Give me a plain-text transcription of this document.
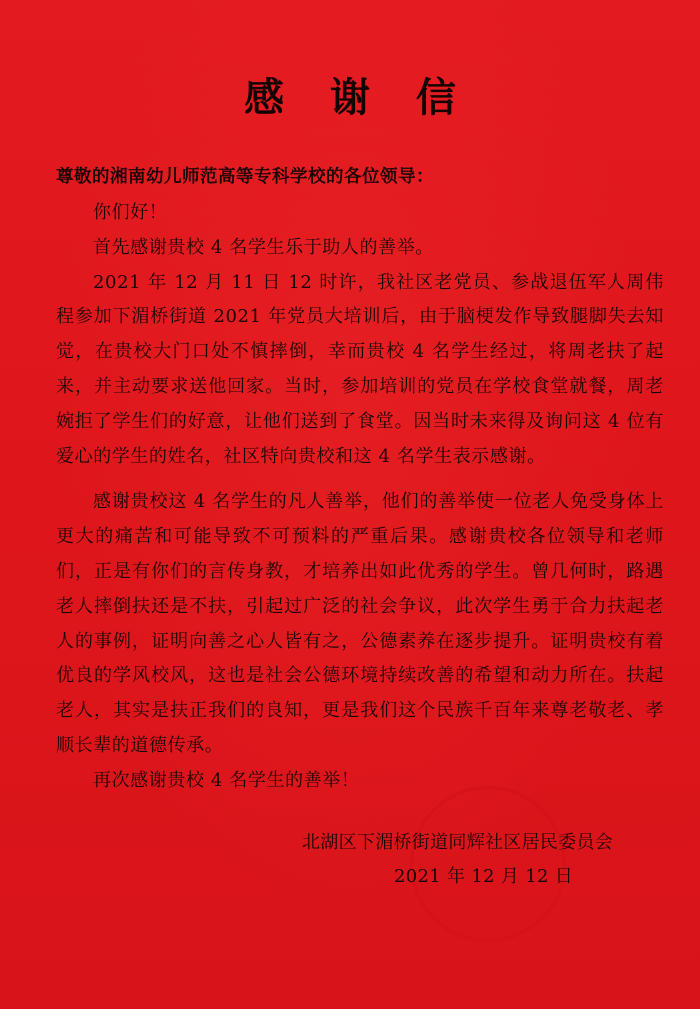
感 谢 信
尊敬的湘南幼儿师范高等专科学校的各位领导：

你们好！

首先感谢贵校 4 名学生乐于助人的善举。

2021 年 12 月 11 日 12 时许，我社区老党员、参战退伍军人周伟程参加下湄桥街道 2021 年党员大培训后，由于脑梗发作导致腿脚失去知觉，在贵校大门口处不慎摔倒，幸而贵校 4 名学生经过，将周老扶了起来，并主动要求送他回家。当时，参加培训的党员在学校食堂就餐，周老婉拒了学生们的好意，让他们送到了食堂。因当时未来得及询问这 4 位有爱心的学生的姓名，社区特向贵校和这 4 名学生表示感谢。

感谢贵校这 4 名学生的凡人善举，他们的善举使一位老人免受身体上更大的痛苦和可能导致不可预料的严重后果。感谢贵校各位领导和老师们，正是有你们的言传身教，才培养出如此优秀的学生。曾几何时，路遇老人摔倒扶还是不扶，引起过广泛的社会争议，此次学生勇于合力扶起老人的事例，证明向善之心人皆有之，公德素养在逐步提升。证明贵校有着优良的学风校风，这也是社会公德环境持续改善的希望和动力所在。扶起老人，其实是扶正我们的良知，更是我们这个民族千百年来尊老敬老、孝顺长辈的道德传承。

再次感谢贵校 4 名学生的善举！

北湖区下湄桥街道同辉社区居民委员会
2021 年 12 月 12 日
